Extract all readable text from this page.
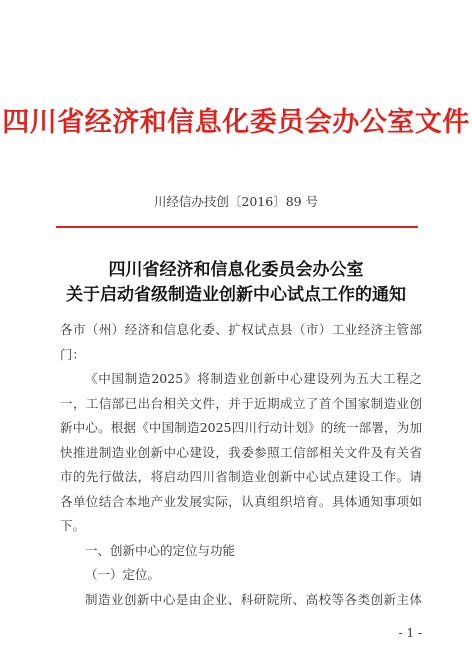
四川省经济和信息化委员会办公室文件
川经信办技创〔2016〕89 号
四川省经济和信息化委员会办公室
关于启动省级制造业创新中心试点工作的通知
各市（州）经济和信息化委、扩权试点县（市）工业经济主管部
门：
《中国制造2025》将制造业创新中心建设列为五大工程之
一，工信部已出台相关文件，并于近期成立了首个国家制造业创
新中心。根据《中国制造2025四川行动计划》的统一部署，为加
快推进制造业创新中心建设，我委参照工信部相关文件及有关省
市的先行做法，将启动四川省制造业创新中心试点建设工作。请
各单位结合本地产业发展实际，认真组织培育。具体通知事项如
下。
一、创新中心的定位与功能
（一）定位。
制造业创新中心是由企业、科研院所、高校等各类创新主体
- 1 -
